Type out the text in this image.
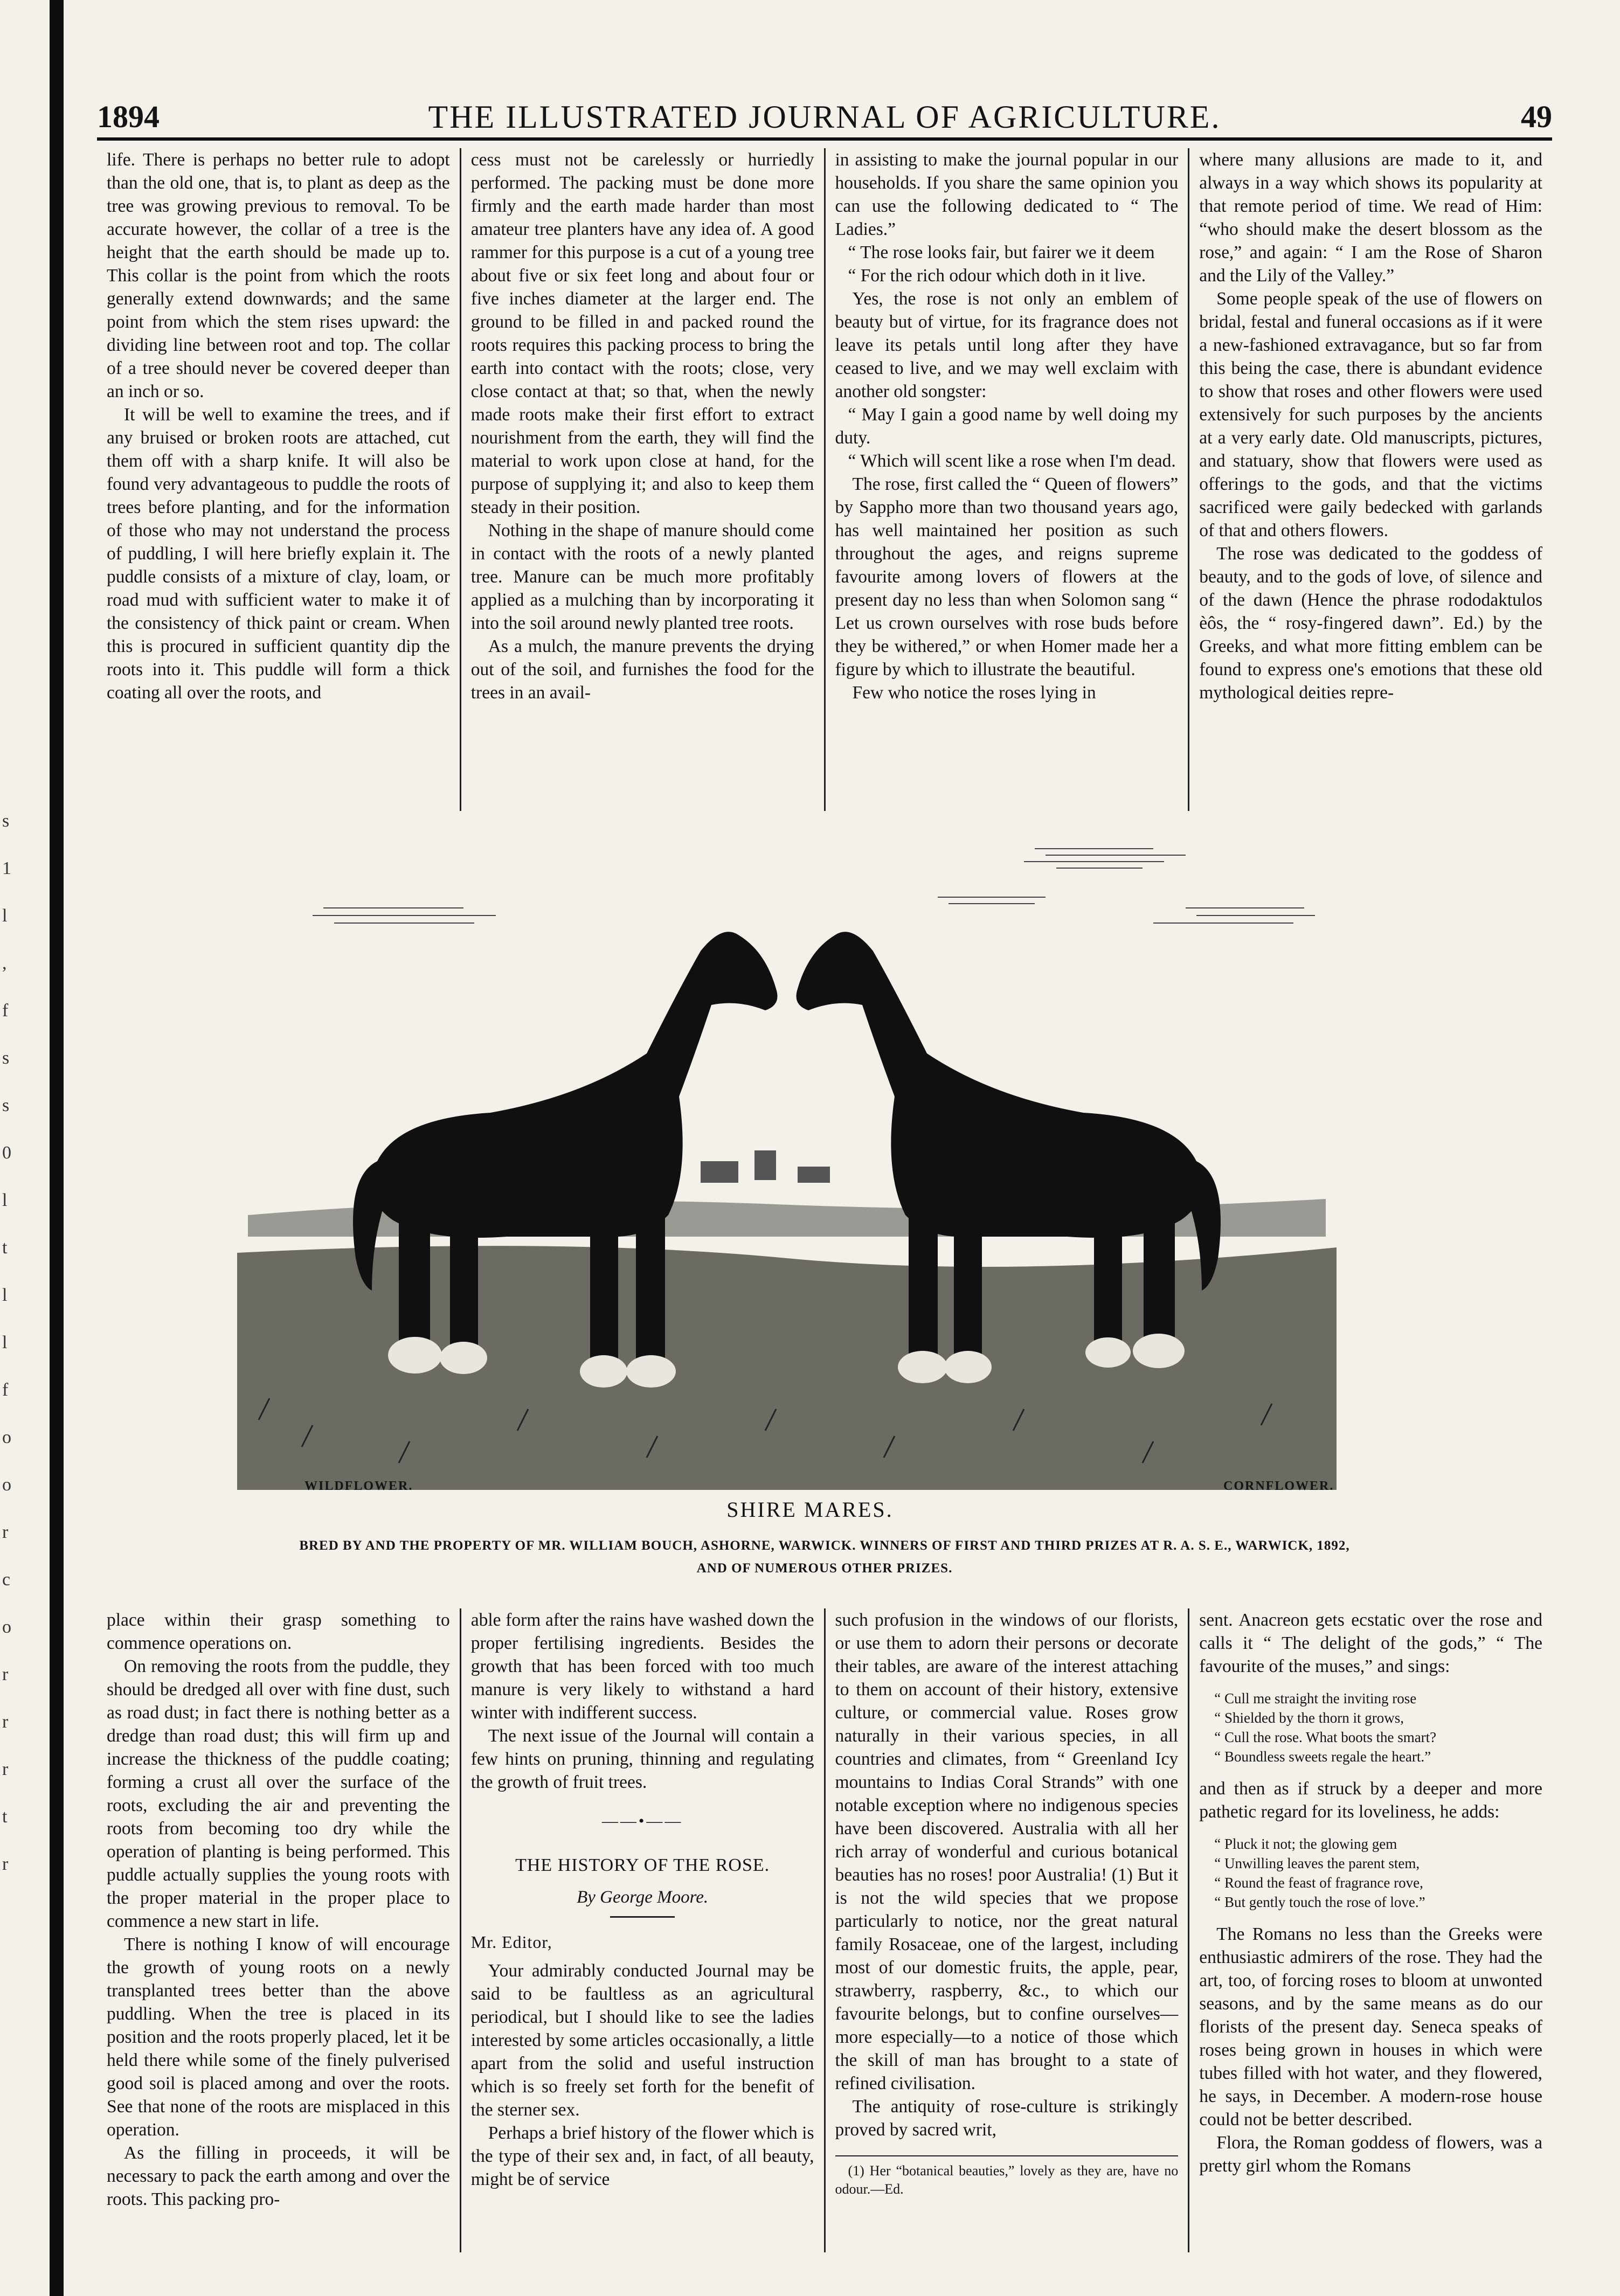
s
1
l
,
f
s
s
0
l
t
l
l
f
o
o
r
c
o
r
r
r
t
r
1894	THE ILLUSTRATED JOURNAL OF AGRICULTURE.	49

life. There is perhaps no better rule to adopt than the old one, that is, to plant as deep as the tree was growing previous to removal. To be accurate however, the collar of a tree is the height that the earth should be made up to. This collar is the point from which the roots generally extend downwards; and the same point from which the stem rises upward: the dividing line between root and top. The collar of a tree should never be covered deeper than an inch or so.

It will be well to examine the trees, and if any bruised or broken roots are attached, cut them off with a sharp knife. It will also be found very advantageous to puddle the roots of trees before planting, and for the information of those who may not understand the process of puddling, I will here briefly explain it. The puddle consists of a mixture of clay, loam, or road mud with sufficient water to make it of the consistency of thick paint or cream. When this is procured in sufficient quantity dip the roots into it. This puddle will form a thick coating all over the roots, and

cess must not be carelessly or hurriedly performed. The packing must be done more firmly and the earth made harder than most amateur tree planters have any idea of. A good rammer for this purpose is a cut of a young tree about five or six feet long and about four or five inches diameter at the larger end. The ground to be filled in and packed round the roots requires this packing process to bring the earth into contact with the roots; close, very close contact at that; so that, when the newly made roots make their first effort to extract nourishment from the earth, they will find the material to work upon close at hand, for the purpose of supplying it; and also to keep them steady in their position.

Nothing in the shape of manure should come in contact with the roots of a newly planted tree. Manure can be much more profitably applied as a mulching than by incorporating it into the soil around newly planted tree roots.

As a mulch, the manure prevents the drying out of the soil, and furnishes the food for the trees in an avail-

in assisting to make the journal popular in our households. If you share the same opinion you can use the following dedicated to “ The Ladies.”

“ The rose looks fair, but fairer we it deem

“ For the rich odour which doth in it live.

Yes, the rose is not only an emblem of beauty but of virtue, for its fragrance does not leave its petals until long after they have ceased to live, and we may well exclaim with another old songster:

“ May I gain a good name by well doing my duty.

“ Which will scent like a rose when I'm dead.

The rose, first called the “ Queen of flowers” by Sappho more than two thousand years ago, has well maintained her position as such throughout the ages, and reigns supreme favourite among lovers of flowers at the present day no less than when Solomon sang “ Let us crown ourselves with rose buds before they be withered,” or when Homer made her a figure by which to illustrate the beautiful.

Few who notice the roses lying in

where many allusions are made to it, and always in a way which shows its popularity at that remote period of time. We read of Him: “who should make the desert blossom as the rose,” and again: “ I am the Rose of Sharon and the Lily of the Valley.”

Some people speak of the use of flowers on bridal, festal and funeral occasions as if it were a new-fashioned extravagance, but so far from this being the case, there is abundant evidence to show that roses and other flowers were used extensively for such purposes by the ancients at a very early date. Old manuscripts, pictures, and statuary, show that flowers were used as offerings to the gods, and that the victims sacrificed were gaily bedecked with garlands of that and others flowers.

The rose was dedicated to the goddess of beauty, and to the gods of love, of silence and of the dawn (Hence the phrase rododaktulos èôs, the “ rosy-fingered dawn”. Ed.) by the Greeks, and what more fitting emblem can be found to express one's emotions that these old mythological deities repre-

WILDFLOWER.	CORNFLOWER.
SHIRE MARES.
BRED BY AND THE PROPERTY OF MR. WILLIAM BOUCH, ASHORNE, WARWICK. WINNERS OF FIRST AND THIRD PRIZES AT R. A. S. E., WARWICK, 1892,
AND OF NUMEROUS OTHER PRIZES.

place within their grasp something to commence operations on.

On removing the roots from the puddle, they should be dredged all over with fine dust, such as road dust; in fact there is nothing better as a dredge than road dust; this will firm up and increase the thickness of the puddle coating; forming a crust all over the surface of the roots, excluding the air and preventing the roots from becoming too dry while the operation of planting is being performed. This puddle actually supplies the young roots with the proper material in the proper place to commence a new start in life.

There is nothing I know of will encourage the growth of young roots on a newly transplanted trees better than the above puddling. When the tree is placed in its position and the roots properly placed, let it be held there while some of the finely pulverised good soil is placed among and over the roots. See that none of the roots are misplaced in this operation.

As the filling in proceeds, it will be necessary to pack the earth among and over the roots. This packing pro-

able form after the rains have washed down the proper fertilising ingredients. Besides the growth that has been forced with too much manure is very likely to withstand a hard winter with indifferent success.

The next issue of the Journal will contain a few hints on pruning, thinning and regulating the growth of fruit trees.

——•——
THE HISTORY OF THE ROSE.
By George Moore.

Mr. Editor,

Your admirably conducted Journal may be said to be faultless as an agricultural periodical, but I should like to see the ladies interested by some articles occasionally, a little apart from the solid and useful instruction which is so freely set forth for the benefit of the sterner sex.

Perhaps a brief history of the flower which is the type of their sex and, in fact, of all beauty, might be of service

such profusion in the windows of our florists, or use them to adorn their persons or decorate their tables, are aware of the interest attaching to them on account of their history, extensive culture, or commercial value. Roses grow naturally in their various species, in all countries and climates, from “ Greenland Icy mountains to Indias Coral Strands” with one notable exception where no indigenous species have been discovered. Australia with all her rich array of wonderful and curious botanical beauties has no roses! poor Australia! (1) But it is not the wild species that we propose particularly to notice, nor the great natural family Rosaceae, one of the largest, including most of our domestic fruits, the apple, pear, strawberry, raspberry, &c., to which our favourite belongs, but to confine ourselves—more especially—to a notice of those which the skill of man has brought to a state of refined civilisation.

The antiquity of rose-culture is strikingly proved by sacred writ,

(1) Her “botanical beauties,” lovely as they are, have no odour.—Ed.

sent. Anacreon gets ecstatic over the rose and calls it “ The delight of the gods,” “ The favourite of the muses,” and sings:

“ Cull me straight the inviting rose
“ Shielded by the thorn it grows,
“ Cull the rose. What boots the smart?
“ Boundless sweets regale the heart.”

and then as if struck by a deeper and more pathetic regard for its loveliness, he adds:

“ Pluck it not; the glowing gem
“ Unwilling leaves the parent stem,
“ Round the feast of fragrance rove,
“ But gently touch the rose of love.”

The Romans no less than the Greeks were enthusiastic admirers of the rose. They had the art, too, of forcing roses to bloom at unwonted seasons, and by the same means as do our florists of the present day. Seneca speaks of roses being grown in houses in which were tubes filled with hot water, and they flowered, he says, in December. A modern-rose house could not be better described.

Flora, the Roman goddess of flowers, was a pretty girl whom the Romans
